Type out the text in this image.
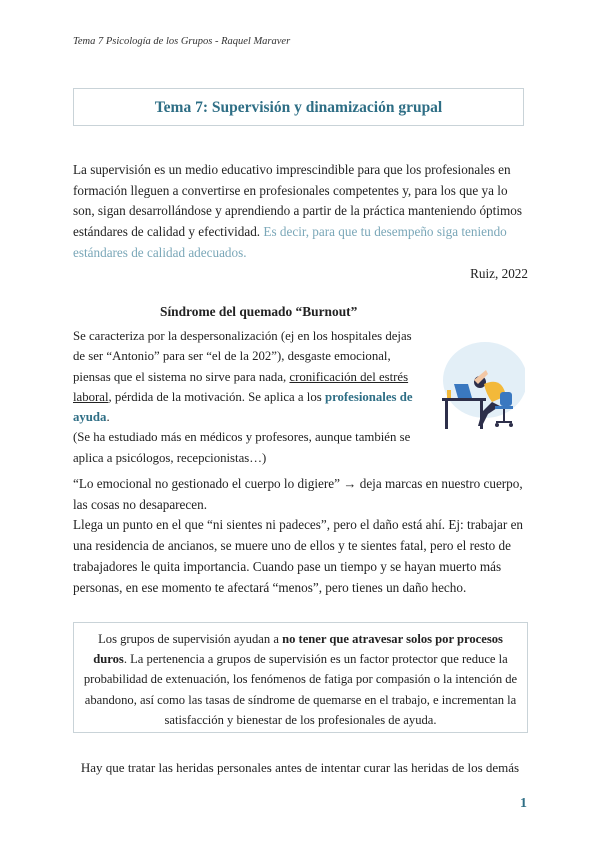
Tema 7 Psicología de los Grupos - Raquel Maraver
Tema 7: Supervisión y dinamización grupal
La supervisión es un medio educativo imprescindible para que los profesionales en formación lleguen a convertirse en profesionales competentes y, para los que ya lo son, sigan desarrollándose y aprendiendo a partir de la práctica manteniendo óptimos estándares de calidad y efectividad. Es decir, para que tu desempeño siga teniendo estándares de calidad adecuados.
Ruiz, 2022
Síndrome del quemado “Burnout”
Se caracteriza por la despersonalización (ej en los hospitales dejas de ser “Antonio” para ser “el de la 202”), desgaste emocional, piensas que el sistema no sirve para nada, cronificación del estrés laboral, pérdida de la motivación. Se aplica a los profesionales de ayuda.
(Se ha estudiado más en médicos y profesores, aunque también se aplica a psicólogos, recepcionistas…)
“Lo emocional no gestionado el cuerpo lo digiere” → deja marcas en nuestro cuerpo, las cosas no desaparecen.
Llega un punto en el que “ni sientes ni padeces”, pero el daño está ahí. Ej: trabajar en una residencia de ancianos, se muere uno de ellos y te sientes fatal, pero el resto de trabajadores le quita importancia. Cuando pase un tiempo y se hayan muerto más personas, en ese momento te afectará “menos”, pero tienes un daño hecho.
Los grupos de supervisión ayudan a no tener que atravesar solos por procesos duros. La pertenencia a grupos de supervisión es un factor protector que reduce la probabilidad de extenuación, los fenómenos de fatiga por compasión o la intención de abandono, así como las tasas de síndrome de quemarse en el trabajo, e incrementan la satisfacción y bienestar de los profesionales de ayuda.
Hay que tratar las heridas personales antes de intentar curar las heridas de los demás
1
